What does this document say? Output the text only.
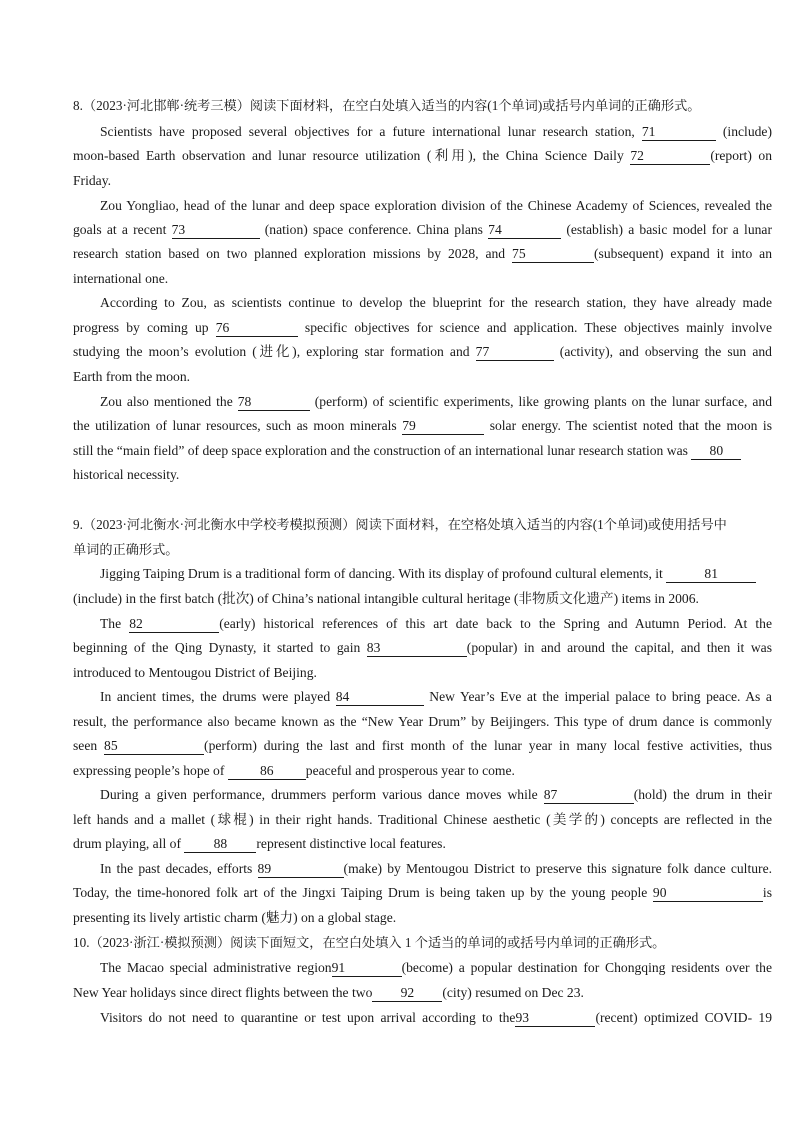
8.（2023·河北邯郸·统考三模）阅读下面材料，在空白处填入适当的内容(1个单词)或括号内单词的正确形式。
Scientists have proposed several objectives for a future international lunar research station, 71	(include)
moon-based Earth observation and lunar resource utilization (利用), the China Science Daily 72	(report) on
Friday.
Zou Yongliao, head of the lunar and deep space exploration division of the Chinese Academy of Sciences, revealed the
goals at a recent 73	(nation) space conference. China plans 74	(establish) a basic model for a lunar
research station based on two planned exploration missions by 2028, and 75	(subsequent) expand it into an
international one.
According to Zou, as scientists continue to develop the blueprint for the research station, they have already made
progress by coming up 76	specific objectives for science and application. These objectives mainly involve
studying the moon’s evolution (进化), exploring star formation and 77	(activity), and observing the sun and
Earth from the moon.
Zou also mentioned the 78	(perform) of scientific experiments, like growing plants on the lunar surface, and
the utilization of lunar resources, such as moon minerals 79	solar energy. The scientist noted that the moon is
still the “main field” of deep space exploration and the construction of an international lunar research station was 80
historical necessity.
9.（2023·河北衡水·河北衡水中学校考模拟预测）阅读下面材料，在空格处填入适当的内容(1个单词)或使用括号中
单词的正确形式。
Jigging Taiping Drum is a traditional form of dancing. With its display of profound cultural elements, it	81
(include) in the first batch (批次) of China’s national intangible cultural heritage (非物质文化遗产) items in 2006.
The 82	(early) historical references of this art date back to the Spring and Autumn Period. At the
beginning of the Qing Dynasty, it started to gain 83	(popular) in and around the capital, and then it was
introduced to Mentougou District of Beijing.
In ancient times, the drums were played 84	New Year’s Eve at the imperial palace to bring peace. As a
result, the performance also became known as the “New Year Drum” by Beijingers. This type of drum dance is commonly
seen 85	(perform) during the last and first month of the lunar year in many local festive activities, thus
expressing people’s hope of	86 peaceful and prosperous year to come.
During a given performance, drummers perform various dance moves while 87	(hold) the drum in their
left hands and a mallet (球棍) in their right hands. Traditional Chinese aesthetic (美学的) concepts are reflected in the
drum playing, all of 88 represent distinctive local features.
In the past decades, efforts 89	(make) by Mentougou District to preserve this signature folk dance culture.
Today, the time-honored folk art of the Jingxi Taiping Drum is being taken up by the young people 90	is
presenting its lively artistic charm (魅力) on a global stage.
10.（2023·浙江·模拟预测）阅读下面短文，在空白处填入 1 个适当的单词的或括号内单词的正确形式。
The Macao special administrative region91	(become) a popular destination for Chongqing residents over the
New Year holidays since direct flights between the two 92 (city) resumed on Dec 23.
Visitors do not need to quarantine or test upon arrival according to the93	(recent) optimized COVID- 19
